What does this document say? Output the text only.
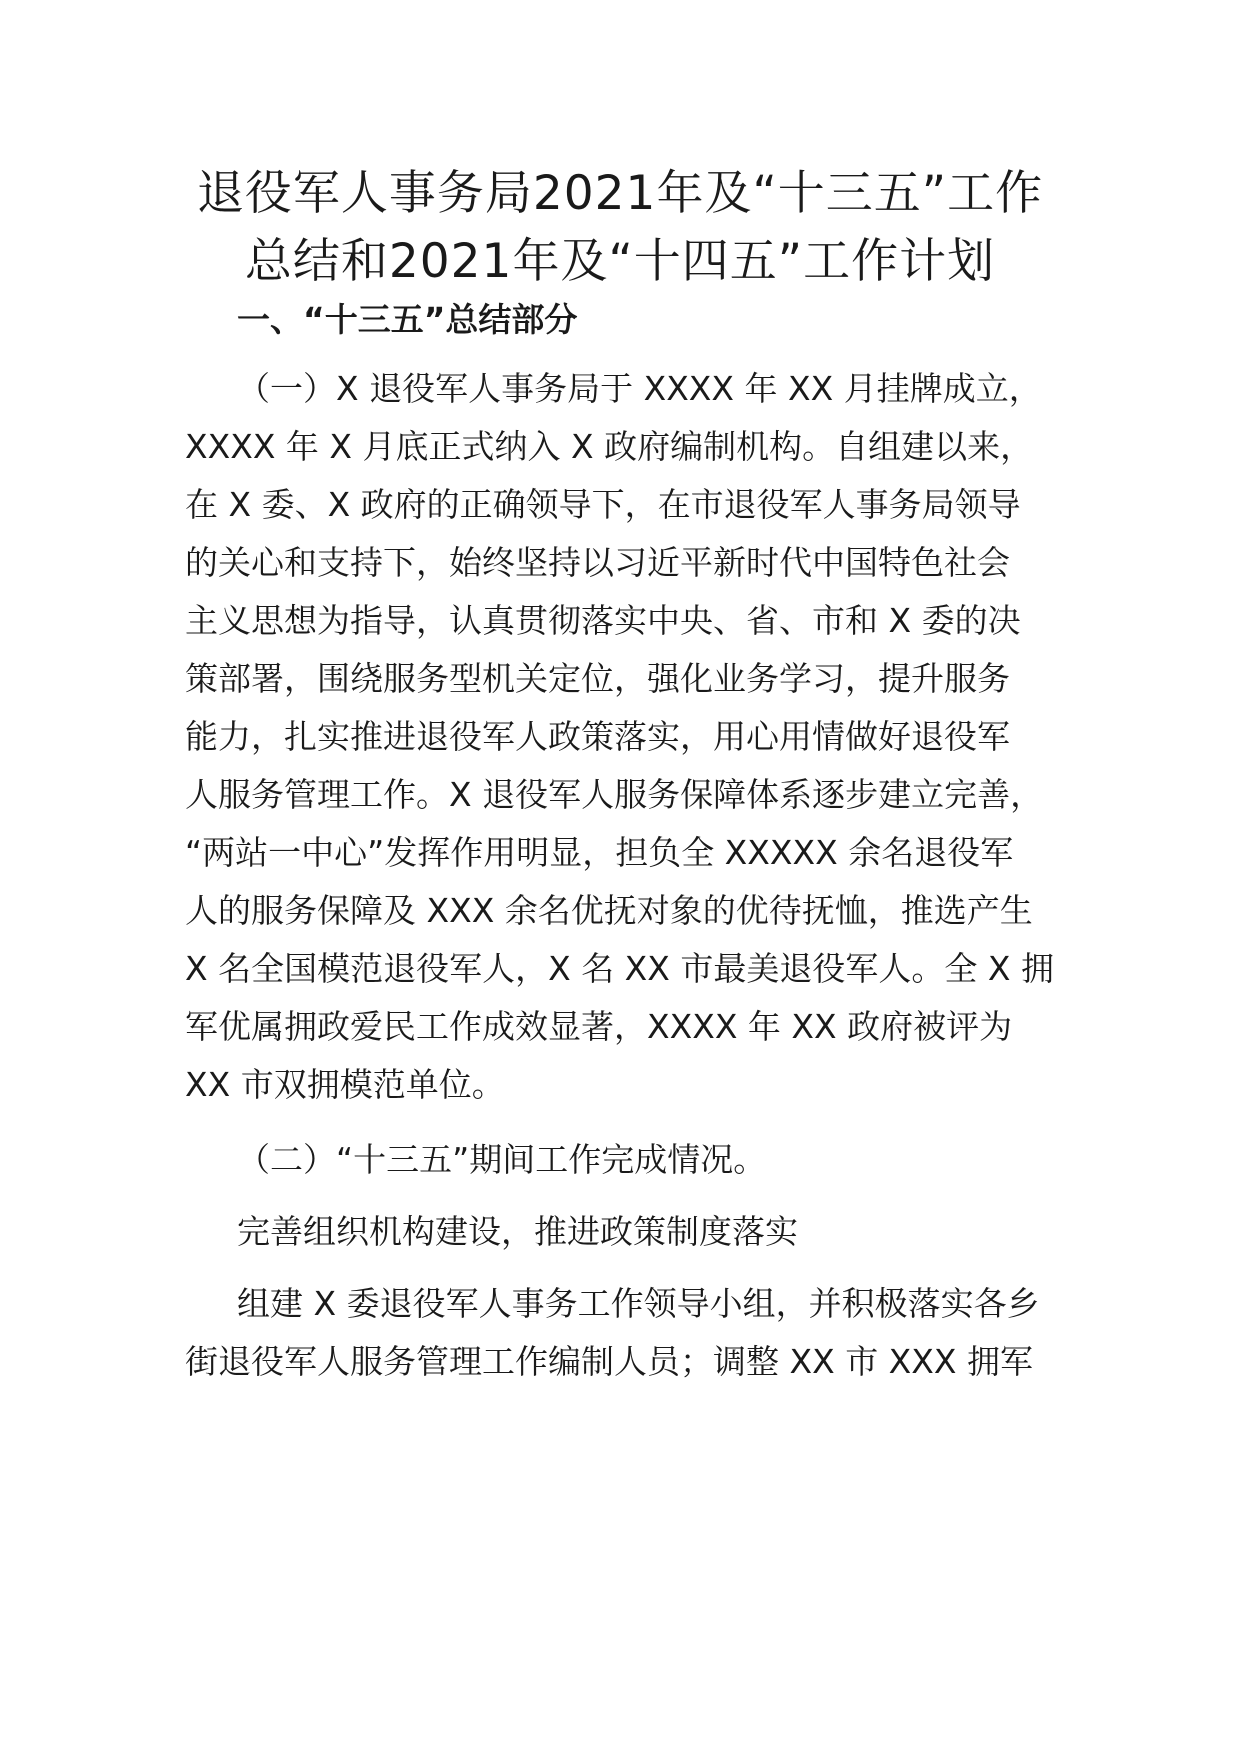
退役军人事务局2021年及“十三五”工作
总结和2021年及“十四五”工作计划

一、“十三五”总结部分

（一）X 退役军人事务局于 XXXX 年 XX 月挂牌成立，

XXXX 年 X 月底正式纳入 X 政府编制机构。自组建以来，

在 X 委、X 政府的正确领导下，在市退役军人事务局领导

的关心和支持下，始终坚持以习近平新时代中国特色社会

主义思想为指导，认真贯彻落实中央、省、市和 X 委的决

策部署，围绕服务型机关定位，强化业务学习，提升服务

能力，扎实推进退役军人政策落实，用心用情做好退役军

人服务管理工作。X 退役军人服务保障体系逐步建立完善，

“两站一中心”发挥作用明显，担负全 XXXXX 余名退役军

人的服务保障及 XXX 余名优抚对象的优待抚恤，推选产生

X 名全国模范退役军人，X 名 XX 市最美退役军人。全 X 拥

军优属拥政爱民工作成效显著，XXXX 年 XX 政府被评为

XX 市双拥模范单位。

（二）“十三五”期间工作完成情况。

完善组织机构建设，推进政策制度落实

组建 X 委退役军人事务工作领导小组，并积极落实各乡

街退役军人服务管理工作编制人员；调整 XX 市 XXX 拥军
